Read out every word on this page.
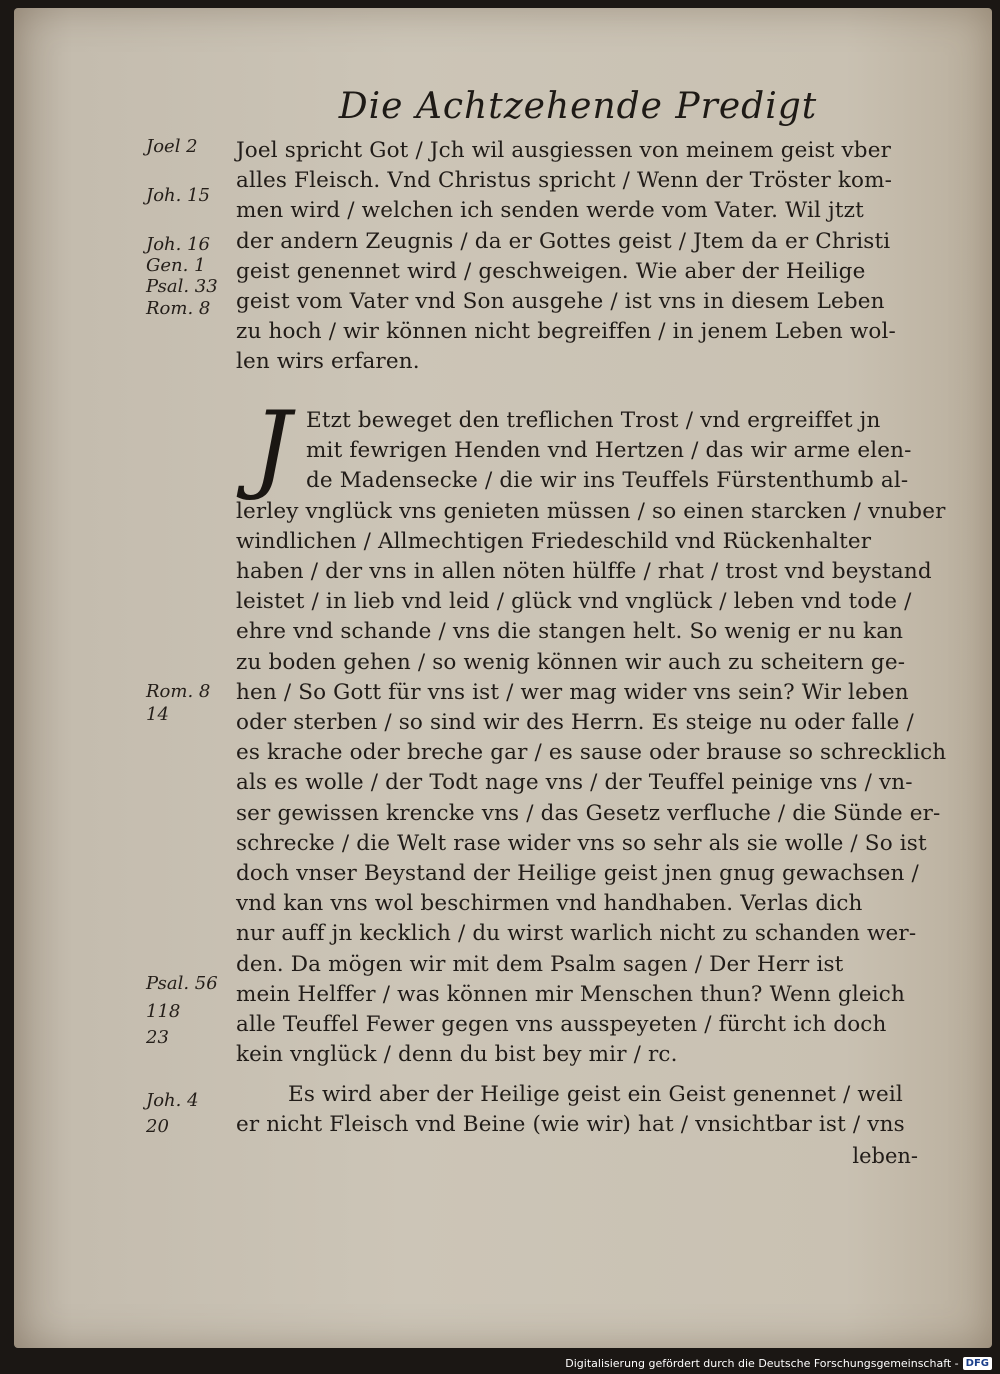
Die Achtzehende Predigt
Joel 2
Joh. 15
Joh. 16
Gen. 1
Psal. 33
Rom. 8
Rom. 8
14
Psal. 56
118
23
Joh. 4
20
Joel spricht Got / Jch wil ausgiessen von meinem geist vber
alles Fleisch. Vnd Christus spricht / Wenn der Tröster kom-
men wird / welchen ich senden werde vom Vater. Wil jtzt
der andern Zeugnis / da er Gottes geist / Jtem da er Christi
geist genennet wird / geschweigen. Wie aber der Heilige
geist vom Vater vnd Son ausgehe / ist vns in diesem Leben
zu hoch / wir können nicht begreiffen / in jenem Leben wol-
len wirs erfaren.
J Etzt beweget den treflichen Trost / vnd ergreiffet jn
mit fewrigen Henden vnd Hertzen / das wir arme elen-
de Madensecke / die wir ins Teuffels Fürstenthumb al-
lerley vnglück vns genieten müssen / so einen starcken / vnuber
windlichen / Allmechtigen Friedeschild vnd Rückenhalter
haben / der vns in allen nöten hülffe / rhat / trost vnd beystand
leistet / in lieb vnd leid / glück vnd vnglück / leben vnd tode /
ehre vnd schande / vns die stangen helt. So wenig er nu kan
zu boden gehen / so wenig können wir auch zu scheitern ge-
hen / So Gott für vns ist / wer mag wider vns sein? Wir leben
oder sterben / so sind wir des Herrn. Es steige nu oder falle /
es krache oder breche gar / es sause oder brause so schrecklich
als es wolle / der Todt nage vns / der Teuffel peinige vns / vn-
ser gewissen krencke vns / das Gesetz verfluche / die Sünde er-
schrecke / die Welt rase wider vns so sehr als sie wolle / So ist
doch vnser Beystand der Heilige geist jnen gnug gewachsen /
vnd kan vns wol beschirmen vnd handhaben. Verlas dich
nur auff jn kecklich / du wirst warlich nicht zu schanden wer-
den. Da mögen wir mit dem Psalm sagen / Der Herr ist
mein Helffer / was können mir Menschen thun? Wenn gleich
alle Teuffel Fewer gegen vns ausspeyeten / fürcht ich doch
kein vnglück / denn du bist bey mir / rc.
Es wird aber der Heilige geist ein Geist genennet / weil
er nicht Fleisch vnd Beine (wie wir) hat / vnsichtbar ist / vns
leben-
Digitalisierung gefördert durch die Deutsche Forschungsgemeinschaft - DFG
